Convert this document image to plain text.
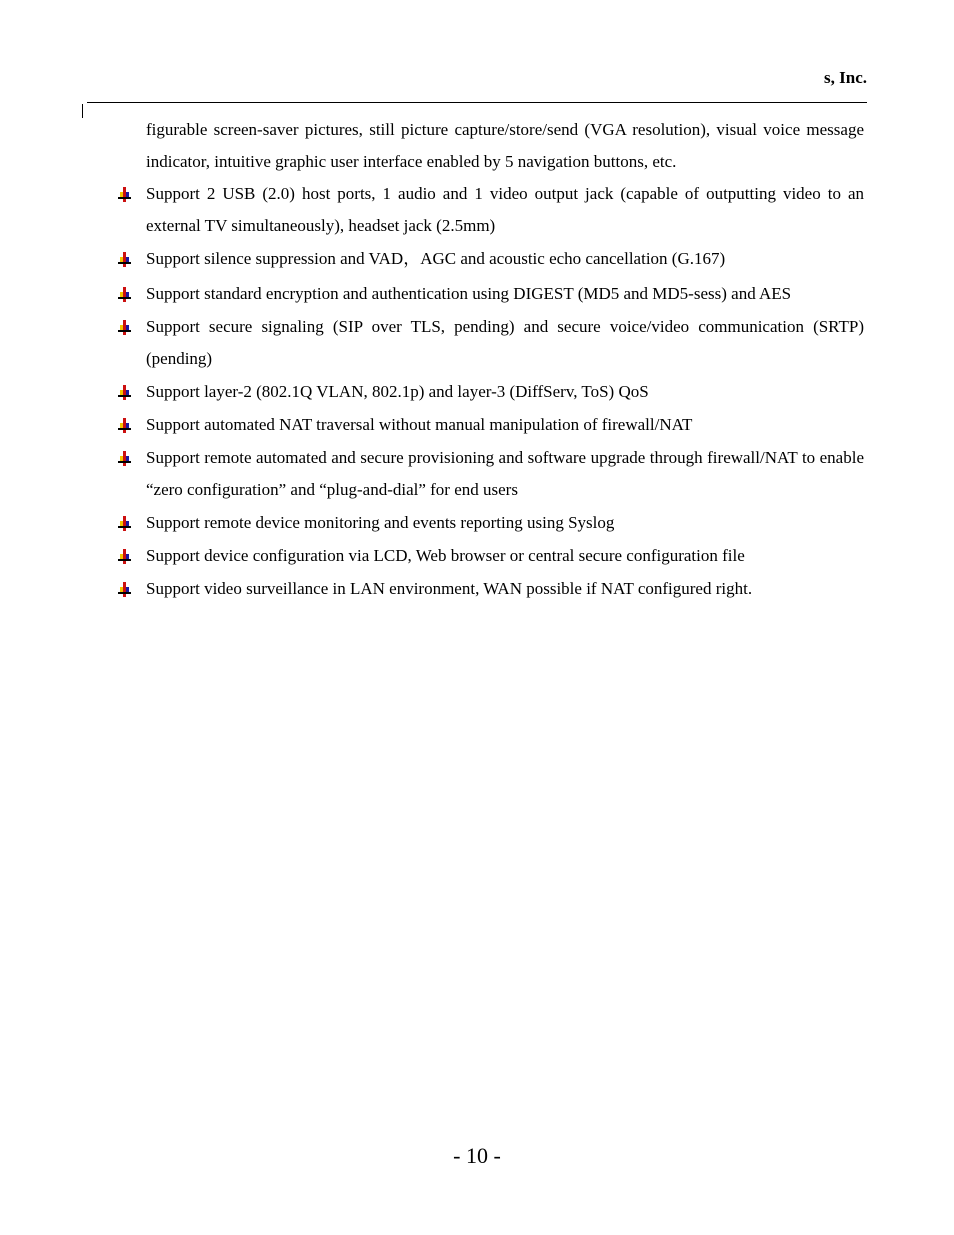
s, Inc.

figurable screen-saver pictures, still picture capture/store/send (VGA resolution), visual voice message indicator, intuitive graphic user interface enabled by 5 navigation buttons, etc.

Support 2 USB (2.0) host ports, 1 audio and 1 video output jack (capable of outputting video to an external TV simultaneously), headset jack (2.5mm)
Support silence suppression and VAD，AGC and acoustic echo cancellation (G.167)
Support standard encryption and authentication using DIGEST (MD5 and MD5-sess) and AES
Support secure signaling (SIP over TLS, pending) and secure voice/video communication (SRTP) (pending)
Support layer-2 (802.1Q VLAN, 802.1p) and layer-3 (DiffServ, ToS) QoS
Support automated NAT traversal without manual manipulation of firewall/NAT
Support remote automated and secure provisioning and software upgrade through firewall/NAT to enable “zero configuration” and “plug-and-dial” for end users
Support remote device monitoring and events reporting using Syslog
Support device configuration via LCD, Web browser or central secure configuration file
Support video surveillance in LAN environment, WAN possible if NAT configured right.
- 10 -
